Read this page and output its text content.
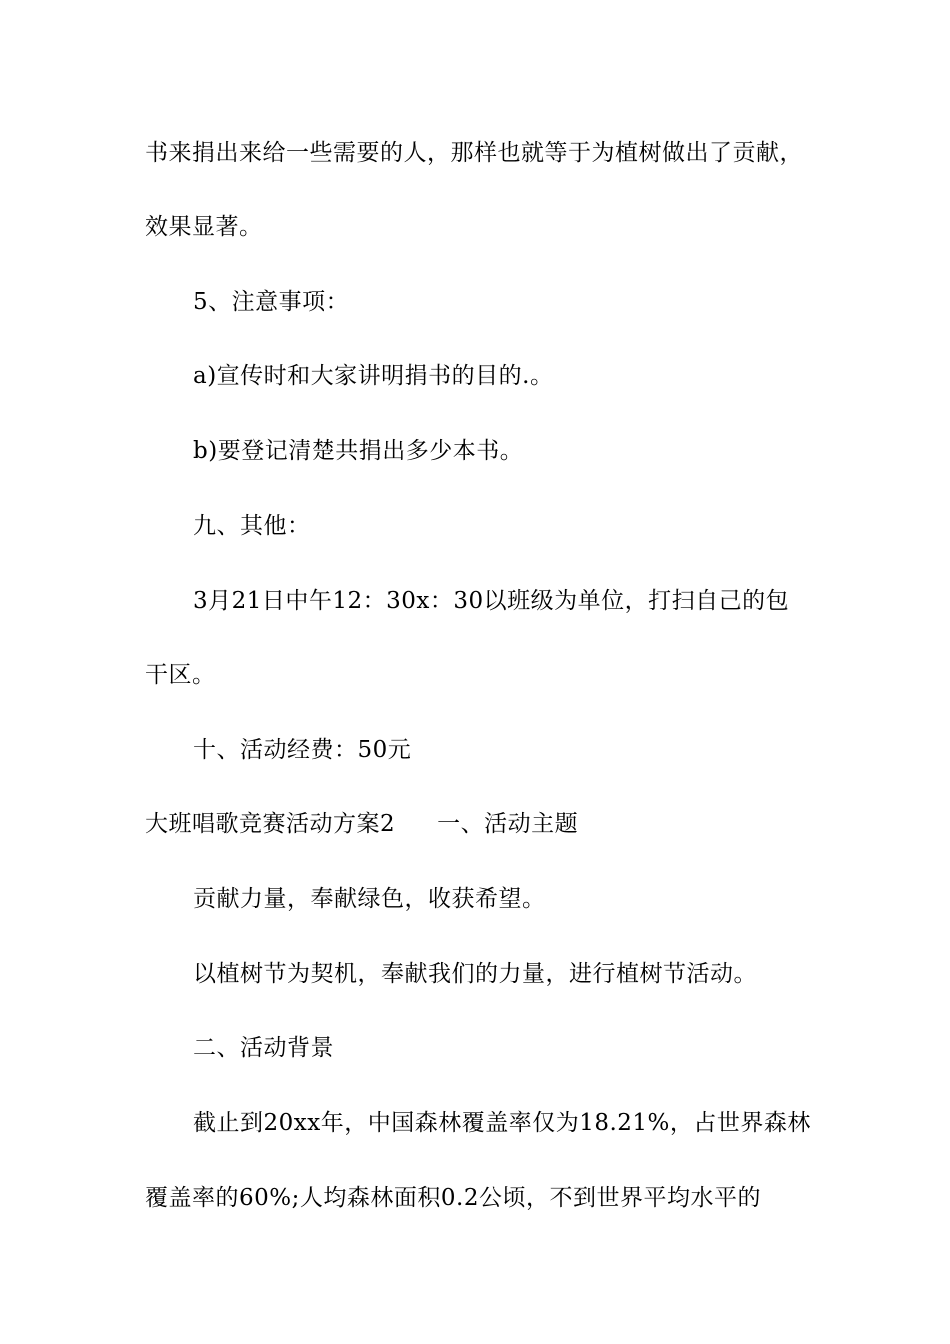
书来捐出来给一些需要的人，那样也就等于为植树做出了贡献，
效果显著。
5、注意事项：
a)宣传时和大家讲明捐书的目的.。
b)要登记清楚共捐出多少本书。
九、其他：
3月21日中午12：30x：30以班级为单位，打扫自己的包
干区。
十、活动经费：50元
大班唱歌竞赛活动方案2 一、活动主题
贡献力量，奉献绿色，收获希望。
以植树节为契机，奉献我们的力量，进行植树节活动。
二、活动背景
截止到20xx年，中国森林覆盖率仅为18.21%，占世界森林
覆盖率的60%;人均森林面积0.2公顷，不到世界平均水平的
